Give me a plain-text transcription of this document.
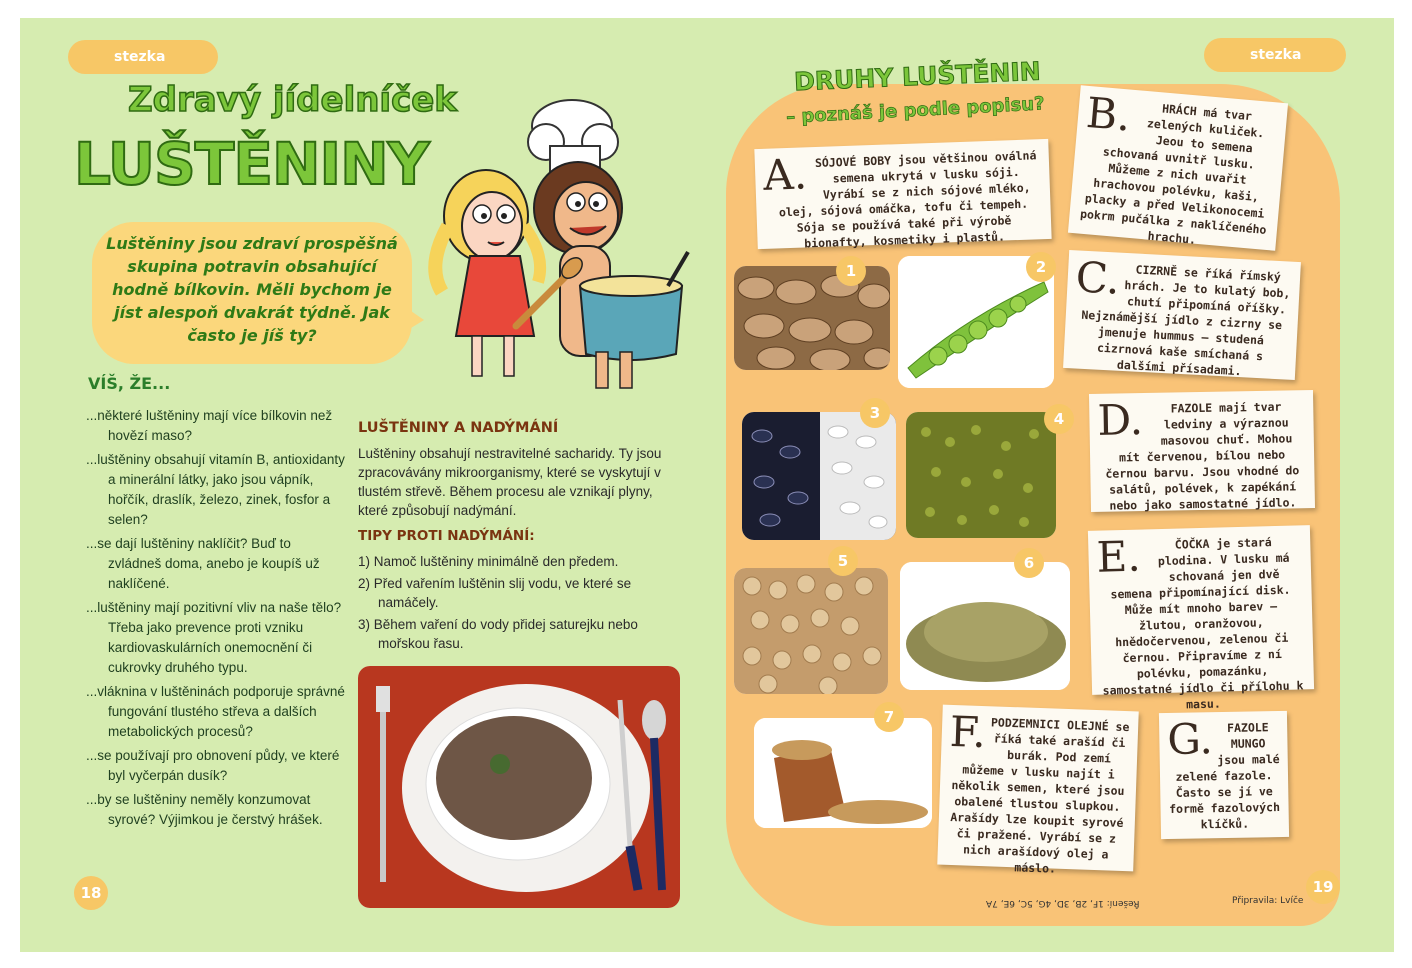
stezka
Zdravý jídelníček
LUŠTĚNINY
Luštěniny jsou zdraví prospěšná skupina potravin obsahující hodně bílkovin. Měli bychom je jíst alespoň dvakrát týdně. Jak často je jíš ty?
VÍŠ, ŽE...
...některé luštěniny mají více bílkovin než hovězí maso?
...luštěniny obsahují vitamín B, antioxidanty a minerální látky, jako jsou vápník, hořčík, draslík, železo, zinek, fosfor a selen?
...se dají luštěniny naklíčit? Buď to zvládneš doma, anebo je koupíš už naklíčené.
...luštěniny mají pozitivní vliv na naše tělo? Třeba jako prevence proti vzniku kardiovaskulárních onemocnění či cukrovky druhého typu.
...vláknina v luštěninách podporuje správné fungování tlustého střeva a dalších metabolických procesů?
...se používají pro obnovení půdy, ve které byl vyčerpán dusík?
...by se luštěniny neměly konzumovat syrové? Výjimkou je čerstvý hrášek.
LUŠTĚNINY A NADÝMÁNÍ

Luštěniny obsahují nestravitelné sacharidy. Ty jsou zpracovávány mikroorganismy, které se vyskytují v tlustém střevě. Během procesu ale vznikají plyny, které způsobují nadýmání.

TIPY PROTI NADÝMÁNÍ:
1) Namoč luštěniny minimálně den předem.
2) Před vařením luštěnin slij vodu, ve které se namáčely.
3) Během vaření do vody přidej saturejku nebo mořskou řasu.
18
stezka
DRUHY LUŠTĚNIN
– poznáš je podle popisu?
1	2
3	4
5	6
7
A. SÓJOVÉ BOBY jsou většinou oválná semena ukrytá v lusku sóji. Vyrábí se z nich sójové mléko, olej, sójová omáčka, tofu či tempeh. Sója se používá také při výrobě bionafty, kosmetiky i plastů.
B.	HRÁCH má tvar zelených kuliček. Jeou to semena schovaná uvnitř lusku. Můžeme z nich uvařit hrachovou polévku, kaši, placky a před Velikonocemi pokrm pučálka z naklíčeného hrachu.
C.	CIZRNĚ se říká římský hrách. Je to kulatý bob, chutí připomíná oříšky. Nejznámější jídlo z cizrny se jmenuje hummus – studená cizrnová kaše smíchaná s dalšími přísadami.
D.	FAZOLE mají tvar ledviny a výraznou masovou chuť. Mohou mít červenou, bílou nebo černou barvu. Jsou vhodné do salátů, polévek, k zapékání nebo jako samostatné jídlo.
E.	ČOČKA je stará plodina. V lusku má schovaná jen dvě semena připomínající disk. Může mít mnoho barev – žlutou, oranžovou, hnědočervenou, zelenou či černou. Připravíme z ní polévku, pomazánku, samostatné jídlo či přílohu k masu.
F. PODZEMNICI OLEJNÉ se říká také arašíd či burák. Pod zemí můžeme v lusku najít i několik semen, které jsou obalené tlustou slupkou. Arašídy lze koupit syrové či pražené. Vyrábí se z nich arašídový olej a máslo.
G.	FAZOLE MUNGO jsou malé zelené fazole. Často se jí ve formě fazolových klíčků.
Řešení: 1F, 2B, 3D, 4G, 5C, 6E, 7A	Připravila: Lvíče
19
